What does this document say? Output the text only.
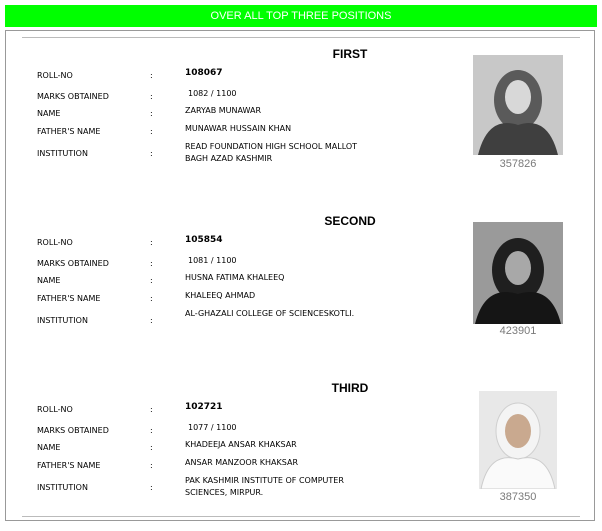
OVER ALL TOP THREE POSITIONS
FIRST
ROLL-NO	:	108067
MARKS OBTAINED	:	1082 / 1100
NAME	:	ZARYAB MUNAWAR
FATHER'S NAME	:	MUNAWAR HUSSAIN KHAN
INSTITUTION	:
READ FOUNDATION HIGH SCHOOL MALLOT
BAGH AZAD KASHMIR	357826
SECOND
ROLL-NO	:	105854
MARKS OBTAINED	:	1081 / 1100
NAME	:	HUSNA FATIMA KHALEEQ
FATHER'S NAME	:	KHALEEQ AHMAD
INSTITUTION	:
AL-GHAZALI COLLEGE OF SCIENCESKOTLI.
423901
THIRD
ROLL-NO	:	102721
MARKS OBTAINED	:	1077 / 1100
NAME	:	KHADEEJA ANSAR KHAKSAR
FATHER'S NAME	:	ANSAR MANZOOR KHAKSAR
INSTITUTION	:
PAK KASHMIR INSTITUTE OF COMPUTER
SCIENCES, MIRPUR.	387350
